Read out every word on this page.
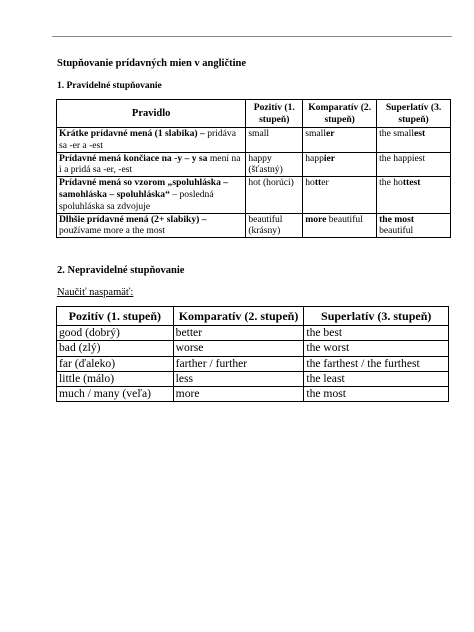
Stupňovanie prídavných mien v angličtine
1. Pravidelné stupňovanie
Pravidlo	Pozitív (1. stupeň)	Komparatív (2. stupeň)	Superlatív (3. stupeň)
Krátke prídavné mená (1 slabika) – pridáva sa -er a -est	small	smaller	the smallest
Prídavné mená končiace na -y – y sa mení na i a pridá sa -er, -est	happy (šťastný)	happier	the happiest
Prídavné mená so vzorom „spoluhláska – samohláska – spoluhláska“ – posledná spoluhláska sa zdvojuje	hot (horúci)	hotter	the hottest
Dlhšie prídavné mená (2+ slabiky) – používame more a the most	beautiful (krásny)	more beautiful	the most beautiful
2. Nepravidelné stupňovanie
Naučiť naspamäť:
Pozitív (1. stupeň)	Komparatív (2. stupeň)	Superlatív (3. stupeň)
good (dobrý)	better	the best
bad (zlý)	worse	the worst
far (ďaleko)	farther / further	the farthest / the furthest
little (málo)	less	the least
much / many (veľa)	more	the most
